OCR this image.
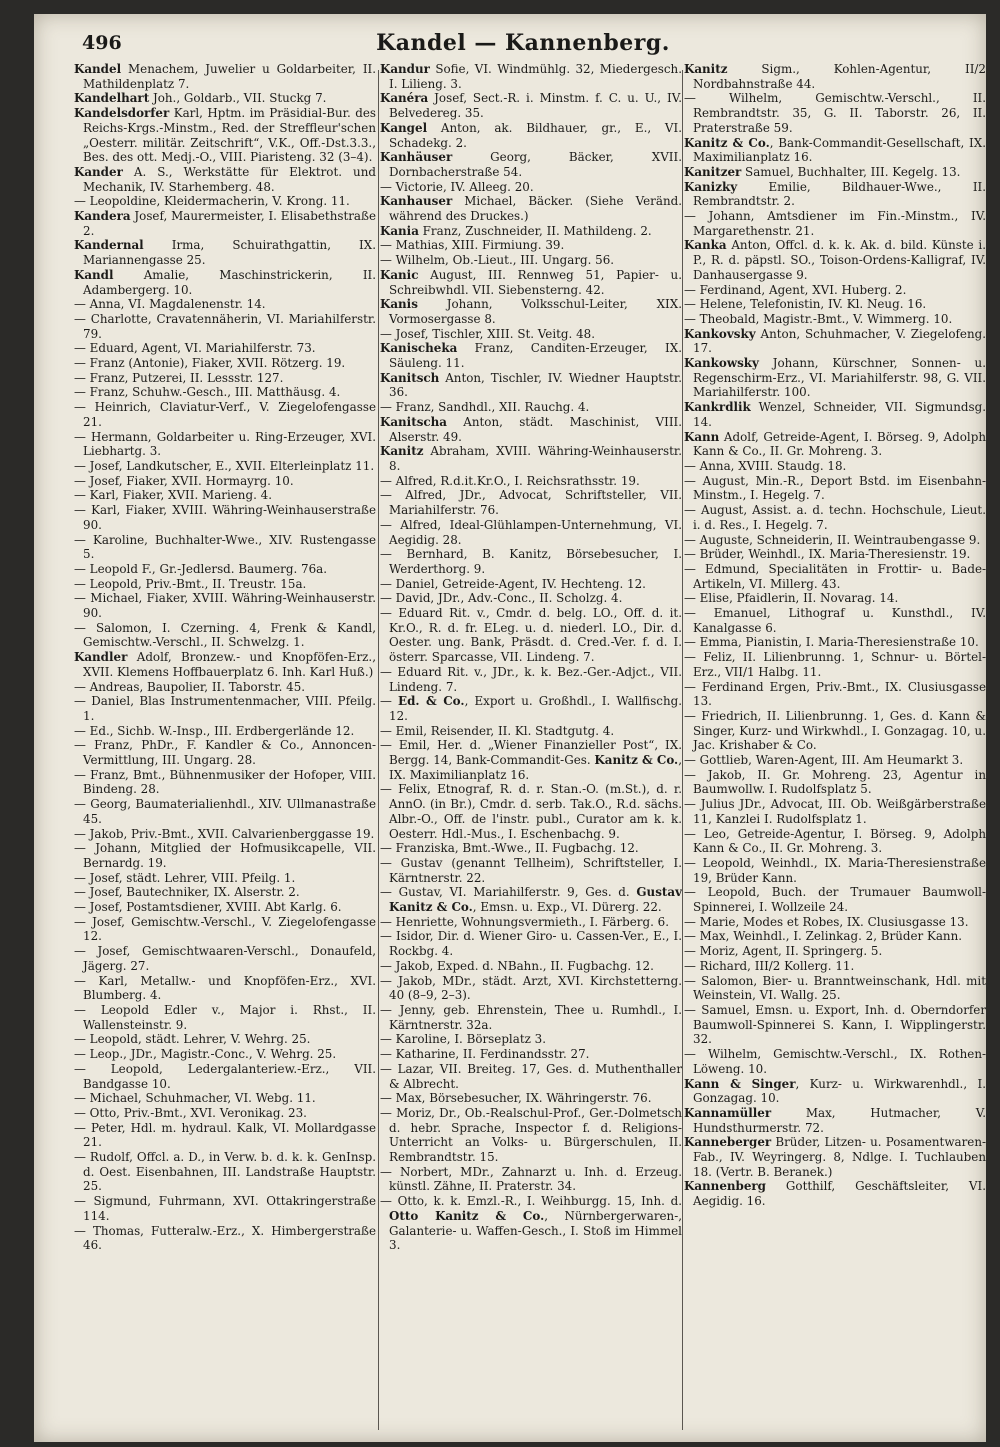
496	Kandel — Kannenberg.

Kandel Menachem, Juwelier u Goldarbeiter, II. Mathildenplatz 7.

Kandelhart Joh., Goldarb., VII. Stuckg 7.

Kandelsdorfer Karl, Hptm. im Präsidial-Bur. des Reichs-Krgs.-Minstm., Red. der Streffleur'schen „Oesterr. militär. Zeitschrift“, V.K., Off.-Dst.3.3., Bes. des ott. Medj.-O., VIII. Piaristeng. 32 (3–4).

Kander A. S., Werkstätte für Elektrot. und Mechanik, IV. Starhemberg. 48.

— Leopoldine, Kleidermacherin, V. Krong. 11.

Kandera Josef, Maurermeister, I. Elisabethstraße 2.

Kandernal Irma, Schuirathgattin, IX. Mariannengasse 25.

Kandl Amalie, Maschinstrickerin, II. Adambergerg. 10.

— Anna, VI. Magdalenenstr. 14.

— Charlotte, Cravatennäherin, VI. Mariahilferstr. 79.

— Eduard, Agent, VI. Mariahilferstr. 73.

— Franz (Antonie), Fiaker, XVII. Rötzerg. 19.

— Franz, Putzerei, II. Lessstr. 127.

— Franz, Schuhw.-Gesch., III. Matthäusg. 4.

— Heinrich, Claviatur-Verf., V. Ziegelofengasse 21.

— Hermann, Goldarbeiter u. Ring-Erzeuger, XVI. Liebhartg. 3.

— Josef, Landkutscher, E., XVII. Elterleinplatz 11.

— Josef, Fiaker, XVII. Hormayrg. 10.

— Karl, Fiaker, XVII. Marieng. 4.

— Karl, Fiaker, XVIII. Währing-Weinhauserstraße 90.

— Karoline, Buchhalter-Wwe., XIV. Rustengasse 5.

— Leopold F., Gr.-Jedlersd. Baumerg. 76a.

— Leopold, Priv.-Bmt., II. Treustr. 15a.

— Michael, Fiaker, XVIII. Währing-Weinhauserstr. 90.

— Salomon, I. Czerning. 4, Frenk & Kandl, Gemischtw.-Verschl., II. Schwelzg. 1.

Kandler Adolf, Bronzew.- und Knopföfen-Erz., XVII. Klemens Hoffbauerplatz 6. Inh. Karl Huß.)

— Andreas, Baupolier, II. Taborstr. 45.

— Daniel, Blas Instrumentenmacher, VIII. Pfeilg. 1.

— Ed., Sichb. W.-Insp., III. Erdbergerlände 12.

— Franz, PhDr., F. Kandler & Co., Annoncen-Vermittlung, III. Ungarg. 28.

— Franz, Bmt., Bühnenmusiker der Hofoper, VIII. Bindeng. 28.

— Georg, Baumaterialienhdl., XIV. Ullmanastraße 45.

— Jakob, Priv.-Bmt., XVII. Calvarienberggasse 19.

— Johann, Mitglied der Hofmusikcapelle, VII. Bernardg. 19.

— Josef, städt. Lehrer, VIII. Pfeilg. 1.

— Josef, Bautechniker, IX. Alserstr. 2.

— Josef, Postamtsdiener, XVIII. Abt Karlg. 6.

— Josef, Gemischtw.-Verschl., V. Ziegelofengasse 12.

— Josef, Gemischtwaaren-Verschl., Donaufeld, Jägerg. 27.

— Karl, Metallw.- und Knopföfen-Erz., XVI. Blumberg. 4.

— Leopold Edler v., Major i. Rhst., II. Wallensteinstr. 9.

— Leopold, städt. Lehrer, V. Wehrg. 25.

— Leop., JDr., Magistr.-Conc., V. Wehrg. 25.

— Leopold, Ledergalanteriew.-Erz., VII. Bandgasse 10.

— Michael, Schuhmacher, VI. Webg. 11.

— Otto, Priv.-Bmt., XVI. Veronikag. 23.

— Peter, Hdl. m. hydraul. Kalk, VI. Mollardgasse 21.

— Rudolf, Offcl. a. D., in Verw. b. d. k. k. GenInsp. d. Oest. Eisenbahnen, III. Landstraße Hauptstr. 25.

— Sigmund, Fuhrmann, XVI. Ottakringerstraße 114.

— Thomas, Futteralw.-Erz., X. Himbergerstraße 46.

Kandur Sofie, VI. Windmühlg. 32, Miedergesch. I. Lilieng. 3.

Kanéra Josef, Sect.-R. i. Minstm. f. C. u. U., IV. Belvedereg. 35.

Kangel Anton, ak. Bildhauer, gr., E., VI. Schadekg. 2.

Kanhäuser Georg, Bäcker, XVII. Dornbacherstraße 54.

— Victorie, IV. Alleeg. 20.

Kanhauser Michael, Bäcker. (Siehe Veränd. während des Druckes.)

Kania Franz, Zuschneider, II. Mathildeng. 2.

— Mathias, XIII. Firmiung. 39.

— Wilhelm, Ob.-Lieut., III. Ungarg. 56.

Kanic August, III. Rennweg 51, Papier- u. Schreibwhdl. VII. Siebensterng. 42.

Kanis Johann, Volksschul-Leiter, XIX. Vormosergasse 8.

— Josef, Tischler, XIII. St. Veitg. 48.

Kanischeka Franz, Canditen-Erzeuger, IX. Säuleng. 11.

Kanitsch Anton, Tischler, IV. Wiedner Hauptstr. 36.

— Franz, Sandhdl., XII. Rauchg. 4.

Kanitscha Anton, städt. Maschinist, VIII. Alserstr. 49.

Kanitz Abraham, XVIII. Währing-Weinhauserstr. 8.

— Alfred, R.d.it.Kr.O., I. Reichsrathsstr. 19.

— Alfred, JDr., Advocat, Schriftsteller, VII. Mariahilferstr. 76.

— Alfred, Ideal-Glühlampen-Unternehmung, VI. Aegidig. 28.

— Bernhard, B. Kanitz, Börsebesucher, I. Werderthorg. 9.

— Daniel, Getreide-Agent, IV. Hechteng. 12.

— David, JDr., Adv.-Conc., II. Scholzg. 4.

— Eduard Rit. v., Cmdr. d. belg. LO., Off. d. it. Kr.O., R. d. fr. ELeg. u. d. niederl. LO., Dir. d. Oester. ung. Bank, Präsdt. d. Cred.-Ver. f. d. I. österr. Sparcasse, VII. Lindeng. 7.

— Eduard Rit. v., JDr., k. k. Bez.-Ger.-Adjct., VII. Lindeng. 7.

— Ed. & Co., Export u. Großhdl., I. Wallfischg. 12.

— Emil, Reisender, II. Kl. Stadtgutg. 4.

— Emil, Her. d. „Wiener Finanzieller Post“, IX. Bergg. 14, Bank-Commandit-Ges. Kanitz & Co., IX. Maximilianplatz 16.

— Felix, Etnograf, R. d. r. Stan.-O. (m.St.), d. r. AnnO. (in Br.), Cmdr. d. serb. Tak.O., R.d. sächs. Albr.-O., Off. de l'instr. publ., Curator am k. k. Oesterr. Hdl.-Mus., I. Eschenbachg. 9.

— Franziska, Bmt.-Wwe., II. Fugbachg. 12.

— Gustav (genannt Tellheim), Schriftsteller, I. Kärntnerstr. 22.

— Gustav, VI. Mariahilferstr. 9, Ges. d. Gustav Kanitz & Co., Emsn. u. Exp., VI. Dürerg. 22.

— Henriette, Wohnungsvermieth., I. Färberg. 6.

— Isidor, Dir. d. Wiener Giro- u. Cassen-Ver., E., I. Rockbg. 4.

— Jakob, Exped. d. NBahn., II. Fugbachg. 12.

— Jakob, MDr., städt. Arzt, XVI. Kirchstetterng. 40 (8–9, 2–3).

— Jenny, geb. Ehrenstein, Thee u. Rumhdl., I. Kärntnerstr. 32a.

— Karoline, I. Börseplatz 3.

— Katharine, II. Ferdinandsstr. 27.

— Lazar, VII. Breiteg. 17, Ges. d. Muthenthaller & Albrecht.

— Max, Börsebesucher, IX. Währingerstr. 76.

— Moriz, Dr., Ob.-Realschul-Prof., Ger.-Dolmetsch d. hebr. Sprache, Inspector f. d. Religions-Unterricht an Volks- u. Bürgerschulen, II. Rembrandtstr. 15.

— Norbert, MDr., Zahnarzt u. Inh. d. Erzeug. künstl. Zähne, II. Praterstr. 34.

— Otto, k. k. Emzl.-R., I. Weihburgg. 15, Inh. d. Otto Kanitz & Co., Nürnbergerwaren-, Galanterie- u. Waffen-Gesch., I. Stoß im Himmel 3.

Kanitz Sigm., Kohlen-Agentur, II/2 Nordbahnstraße 44.

— Wilhelm, Gemischtw.-Verschl., II. Rembrandtstr. 35, G. II. Taborstr. 26, II. Praterstraße 59.

Kanitz & Co., Bank-Commandit-Gesellschaft, IX. Maximilianplatz 16.

Kanitzer Samuel, Buchhalter, III. Kegelg. 13.

Kanizky Emilie, Bildhauer-Wwe., II. Rembrandtstr. 2.

— Johann, Amtsdiener im Fin.-Minstm., IV. Margarethenstr. 21.

Kanka Anton, Offcl. d. k. k. Ak. d. bild. Künste i. P., R. d. päpstl. SO., Toison-Ordens-Kalligraf, IV. Danhausergasse 9.

— Ferdinand, Agent, XVI. Huberg. 2.

— Helene, Telefonistin, IV. Kl. Neug. 16.

— Theobald, Magistr.-Bmt., V. Wimmerg. 10.

Kankovsky Anton, Schuhmacher, V. Ziegelofeng. 17.

Kankowsky Johann, Kürschner, Sonnen- u. Regenschirm-Erz., VI. Mariahilferstr. 98, G. VII. Mariahilferstr. 100.

Kankrdlik Wenzel, Schneider, VII. Sigmundsg. 14.

Kann Adolf, Getreide-Agent, I. Börseg. 9, Adolph Kann & Co., II. Gr. Mohreng. 3.

— Anna, XVIII. Staudg. 18.

— August, Min.-R., Deport Bstd. im Eisenbahn-Minstm., I. Hegelg. 7.

— August, Assist. a. d. techn. Hochschule, Lieut. i. d. Res., I. Hegelg. 7.

— Auguste, Schneiderin, II. Weintraubengasse 9.

— Brüder, Weinhdl., IX. Maria-Theresienstr. 19.

— Edmund, Specialitäten in Frottir- u. Bade-Artikeln, VI. Millerg. 43.

— Elise, Pfaidlerin, II. Novarag. 14.

— Emanuel, Lithograf u. Kunsthdl., IV. Kanalgasse 6.

— Emma, Pianistin, I. Maria-Theresienstraße 10.

— Feliz, II. Lilienbrunng. 1, Schnur- u. Börtel-Erz., VII/1 Halbg. 11.

— Ferdinand Ergen, Priv.-Bmt., IX. Clusiusgasse 13.

— Friedrich, II. Lilienbrunng. 1, Ges. d. Kann & Singer, Kurz- und Wirkwhdl., I. Gonzagag. 10, u. Jac. Krishaber & Co.

— Gottlieb, Waren-Agent, III. Am Heumarkt 3.

— Jakob, II. Gr. Mohreng. 23, Agentur in Baumwollw. I. Rudolfsplatz 5.

— Julius JDr., Advocat, III. Ob. Weißgärberstraße 11, Kanzlei I. Rudolfsplatz 1.

— Leo, Getreide-Agentur, I. Börseg. 9, Adolph Kann & Co., II. Gr. Mohreng. 3.

— Leopold, Weinhdl., IX. Maria-Theresienstraße 19, Brüder Kann.

— Leopold, Buch. der Trumauer Baumwoll-Spinnerei, I. Wollzeile 24.

— Marie, Modes et Robes, IX. Clusiusgasse 13.

— Max, Weinhdl., I. Zelinkag. 2, Brüder Kann.

— Moriz, Agent, II. Springerg. 5.

— Richard, III/2 Kollerg. 11.

— Salomon, Bier- u. Branntweinschank, Hdl. mit Weinstein, VI. Wallg. 25.

— Samuel, Emsn. u. Export, Inh. d. Oberndorfer Baumwoll-Spinnerei S. Kann, I. Wipplingerstr. 32.

— Wilhelm, Gemischtw.-Verschl., IX. Rothen-Löweng. 10.

Kann & Singer, Kurz- u. Wirkwarenhdl., I. Gonzagag. 10.

Kannamüller Max, Hutmacher, V. Hundsthurmerstr. 72.

Kanneberger Brüder, Litzen- u. Posamentwaren-Fab., IV. Weyringerg. 8, Ndlge. I. Tuchlauben 18. (Vertr. B. Beranek.)

Kannenberg Gotthilf, Geschäftsleiter, VI. Aegidig. 16.
